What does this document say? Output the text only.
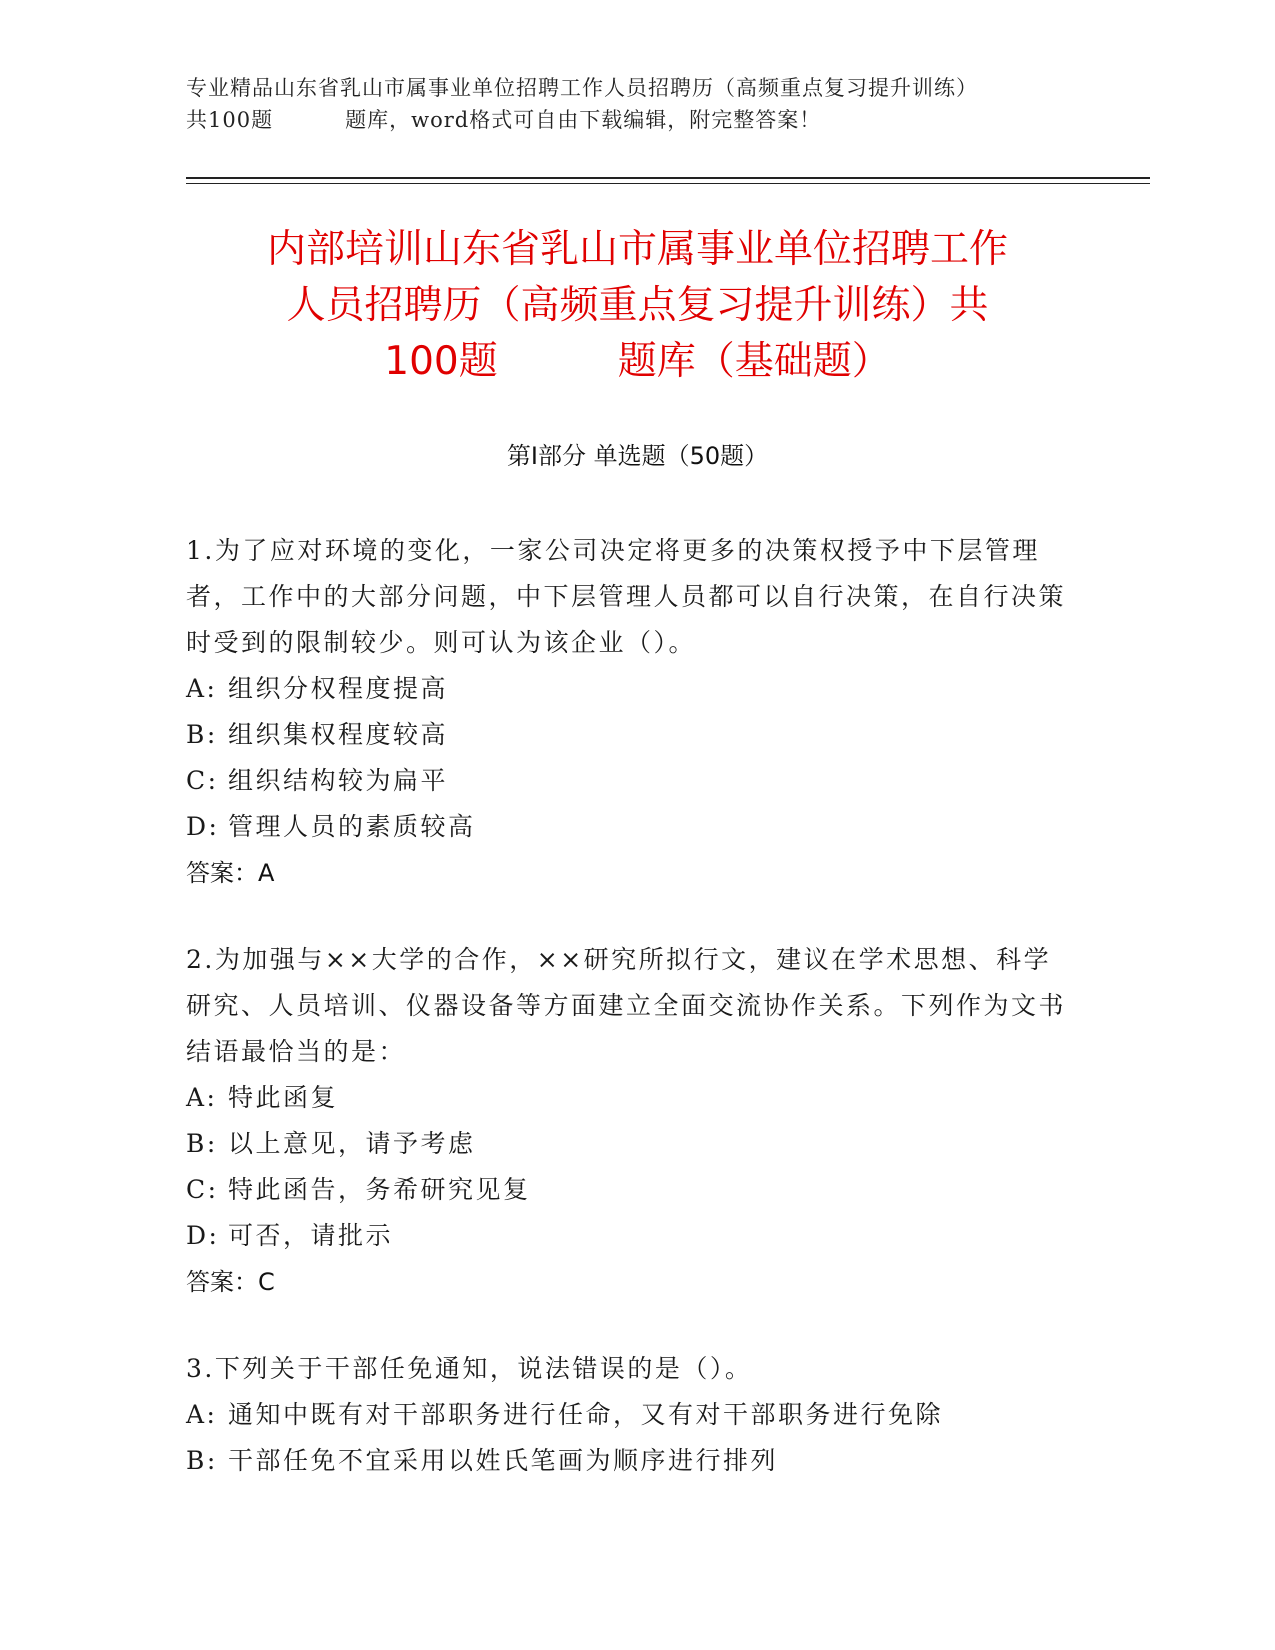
专业精品山东省乳山市属事业单位招聘工作人员招聘历（高频重点复习提升训练）
共100题	题库，word格式可自由下载编辑，附完整答案！
内部培训山东省乳山市属事业单位招聘工作
人员招聘历（高频重点复习提升训练）共
100题	题库（基础题）
第Ⅰ部分 单选题（50题）
1.为了应对环境的变化，一家公司决定将更多的决策权授予中下层管理者，工作中的大部分问题，中下层管理人员都可以自行决策，在自行决策时受到的限制较少。则可认为该企业（）。
A: 组织分权程度提高
B: 组织集权程度较高
C: 组织结构较为扁平
D: 管理人员的素质较高
答案：A
2.为加强与××大学的合作，××研究所拟行文，建议在学术思想、科学研究、人员培训、仪器设备等方面建立全面交流协作关系。下列作为文书结语最恰当的是：
A: 特此函复
B: 以上意见，请予考虑
C: 特此函告，务希研究见复
D: 可否，请批示
答案：C
3.下列关于干部任免通知，说法错误的是（）。
A: 通知中既有对干部职务进行任命，又有对干部职务进行免除
B: 干部任免不宜采用以姓氏笔画为顺序进行排列
